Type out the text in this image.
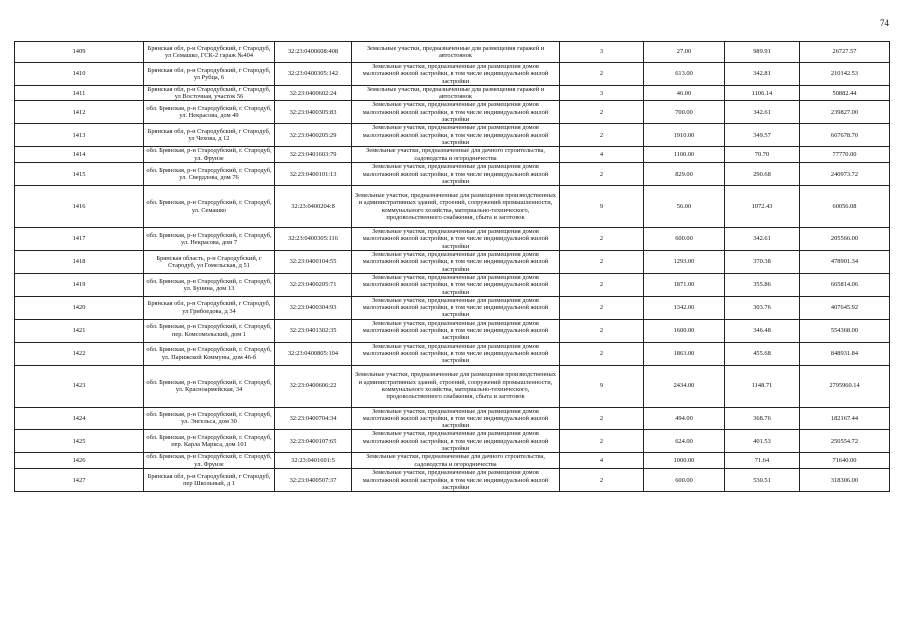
74
1409	Брянская обл, р-н Стародубский, г Стародуб, ул Семашко, ГСК-2 гараж №404	32:23:0400608:408	Земельные участки, предназначенные для размещения гаражей и автостоянок	3	27.00	989.91	26727.57
1410	Брянская обл, р-н Стародубский, г Стародуб, ул Рубца, 6	32:23:0400305:142	Земельные участки, предназначенные для размещения домов малоэтажной жилой застройки, в том числе индивидуальной жилой застройки	2	613.00	342.81	210142.53
1411	Брянская обл, р-н Стародубский, г Стародуб, ул Восточная, участок 56	32:23:0400602:24	Земельные участки, предназначенные для размещения гаражей и автостоянок	3	46.00	1106.14	50882.44
1412	обл. Брянская, р-н Стародубский, г. Стародуб, ул. Некрасова, дом 49	32:23:0400305:83	Земельные участки, предназначенные для размещения домов малоэтажной жилой застройки, в том числе индивидуальной жилой застройки	2	700.00	342.61	239827.00
1413	Брянская обл, р-н Стародубский, г Стародуб, ул Чехова, д 12	32:23:0400205:29	Земельные участки, предназначенные для размещения домов малоэтажной жилой застройки, в том числе индивидуальной жилой застройки	2	1910.00	349.57	667678.70
1414	обл. Брянская, р-н Стародубский, г. Стародуб, ул. Фрунзе	32:23:0401603:79	Земельные участки, предназначенные для дачного строительства, садоводства и огородничества	4	1100.00	70.70	77770.00
1415	обл. Брянская, р-н Стародубский, г. Стародуб, ул. Свердлова, дом 76	32:23:0400101:13	Земельные участки, предназначенные для размещения домов малоэтажной жилой застройки, в том числе индивидуальной жилой застройки	2	829.00	290.68	240973.72
1416	обл. Брянская, р-н Стародубский, г. Стародуб, ул. Семашко	32:23:0400204:8	Земельные участки, предназначенные для размещения производственных и административных зданий, строений, сооружений промышленности, коммунального хозяйства, материально-технического, продовольственного снабжения, сбыта и заготовок	9	56.00	1072.43	60056.08
1417	обл. Брянская, р-н Стародубский, г. Стародуб, ул. Некрасова, дом 7	32:23:0400305:116	Земельные участки, предназначенные для размещения домов малоэтажной жилой застройки, в том числе индивидуальной жилой застройки	2	600.00	342.61	205566.00
1418	Брянская область, р-н Стародубский, г Стародуб, ул Гомельская, д 51	32:23:0400104:55	Земельные участки, предназначенные для размещения домов малоэтажной жилой застройки, в том числе индивидуальной жилой застройки	2	1293.00	370.38	478901.34
1419	обл. Брянская, р-н Стародубский, г. Стародуб, ул. Бунина, дом 13	32:23:0400205:71	Земельные участки, предназначенные для размещения домов малоэтажной жилой застройки, в том числе индивидуальной жилой застройки	2	1871.00	355.86	665814.06
1420	Брянская обл, р-н Стародубский, г Стародуб, ул Грибоедова, д 34	32:23:0400304:93	Земельные участки, предназначенные для размещения домов малоэтажной жилой застройки, в том числе индивидуальной жилой застройки	2	1342.00	303.76	407645.92
1421	обл. Брянская, р-н Стародубский, г. Стародуб, пер. Комсомольский, дом 1	32:23:0401302:35	Земельные участки, предназначенные для размещения домов малоэтажной жилой застройки, в том числе индивидуальной жилой застройки	2	1600.00	346.48	554368.00
1422	обл. Брянская, р-н Стародубский, г. Стародуб, ул. Парижской Коммуны, дом 46-б	32:23:0400805:104	Земельные участки, предназначенные для размещения домов малоэтажной жилой застройки, в том числе индивидуальной жилой застройки	2	1863.00	455.68	848931.84
1423	обл. Брянская, р-н Стародубский, г. Стародуб, ул. Красноармейская, 34	32:23:0400606:22	Земельные участки, предназначенные для размещения производственных и административных зданий, строений, сооружений промышленности, коммунального хозяйства, материально-технического, продовольственного снабжения, сбыта и заготовок	9	2434.00	1148.71	2795960.14
1424	обл. Брянская, р-н Стародубский, г. Стародуб, ул. Энгельса, дом 30	32:23:0400704:34	Земельные участки, предназначенные для размещения домов малоэтажной жилой застройки, в том числе индивидуальной жилой застройки	2	494.00	368.76	182167.44
1425	обл. Брянская, р-н Стародубский, г. Стародуб, пер. Карла Маркса, дом 101	32:23:0400107:65	Земельные участки, предназначенные для размещения домов малоэтажной жилой застройки, в том числе индивидуальной жилой застройки	2	624.00	401.53	250554.72
1426	обл. Брянская, р-н Стародубский, г. Стародуб, ул. Фрунзе	32:23:0401601:5	Земельные участки, предназначенные для дачного строительства, садоводства и огородничества	4	1000.00	71.64	71640.00
1427	Брянская обл, р-н Стародубский, г Стародуб, пер Школьный, д 1	32:23:0400507:37	Земельные участки, предназначенные для размещения домов малоэтажной жилой застройки, в том числе индивидуальной жилой застройки	2	600.00	530.51	318306.00
